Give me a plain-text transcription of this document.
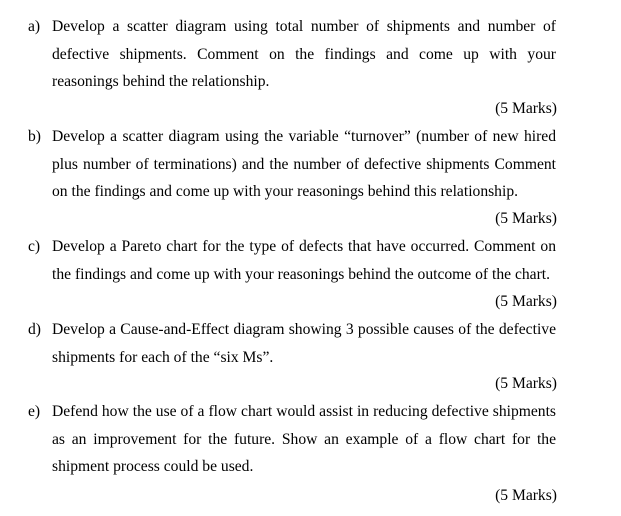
a) Develop a scatter diagram using total number of shipments and number of defective shipments. Comment on the findings and come up with your reasonings behind the relationship.
(5 Marks)
b) Develop a scatter diagram using the variable “turnover” (number of new hired plus number of terminations) and the number of defective shipments Comment on the findings and come up with your reasonings behind this relationship.
(5 Marks)
c) Develop a Pareto chart for the type of defects that have occurred. Comment on the findings and come up with your reasonings behind the outcome of the chart.
(5 Marks)
d) Develop a Cause-and-Effect diagram showing 3 possible causes of the defective shipments for each of the “six Ms”.
(5 Marks)
e) Defend how the use of a flow chart would assist in reducing defective shipments as an improvement for the future. Show an example of a flow chart for the shipment process could be used.
(5 Marks)
